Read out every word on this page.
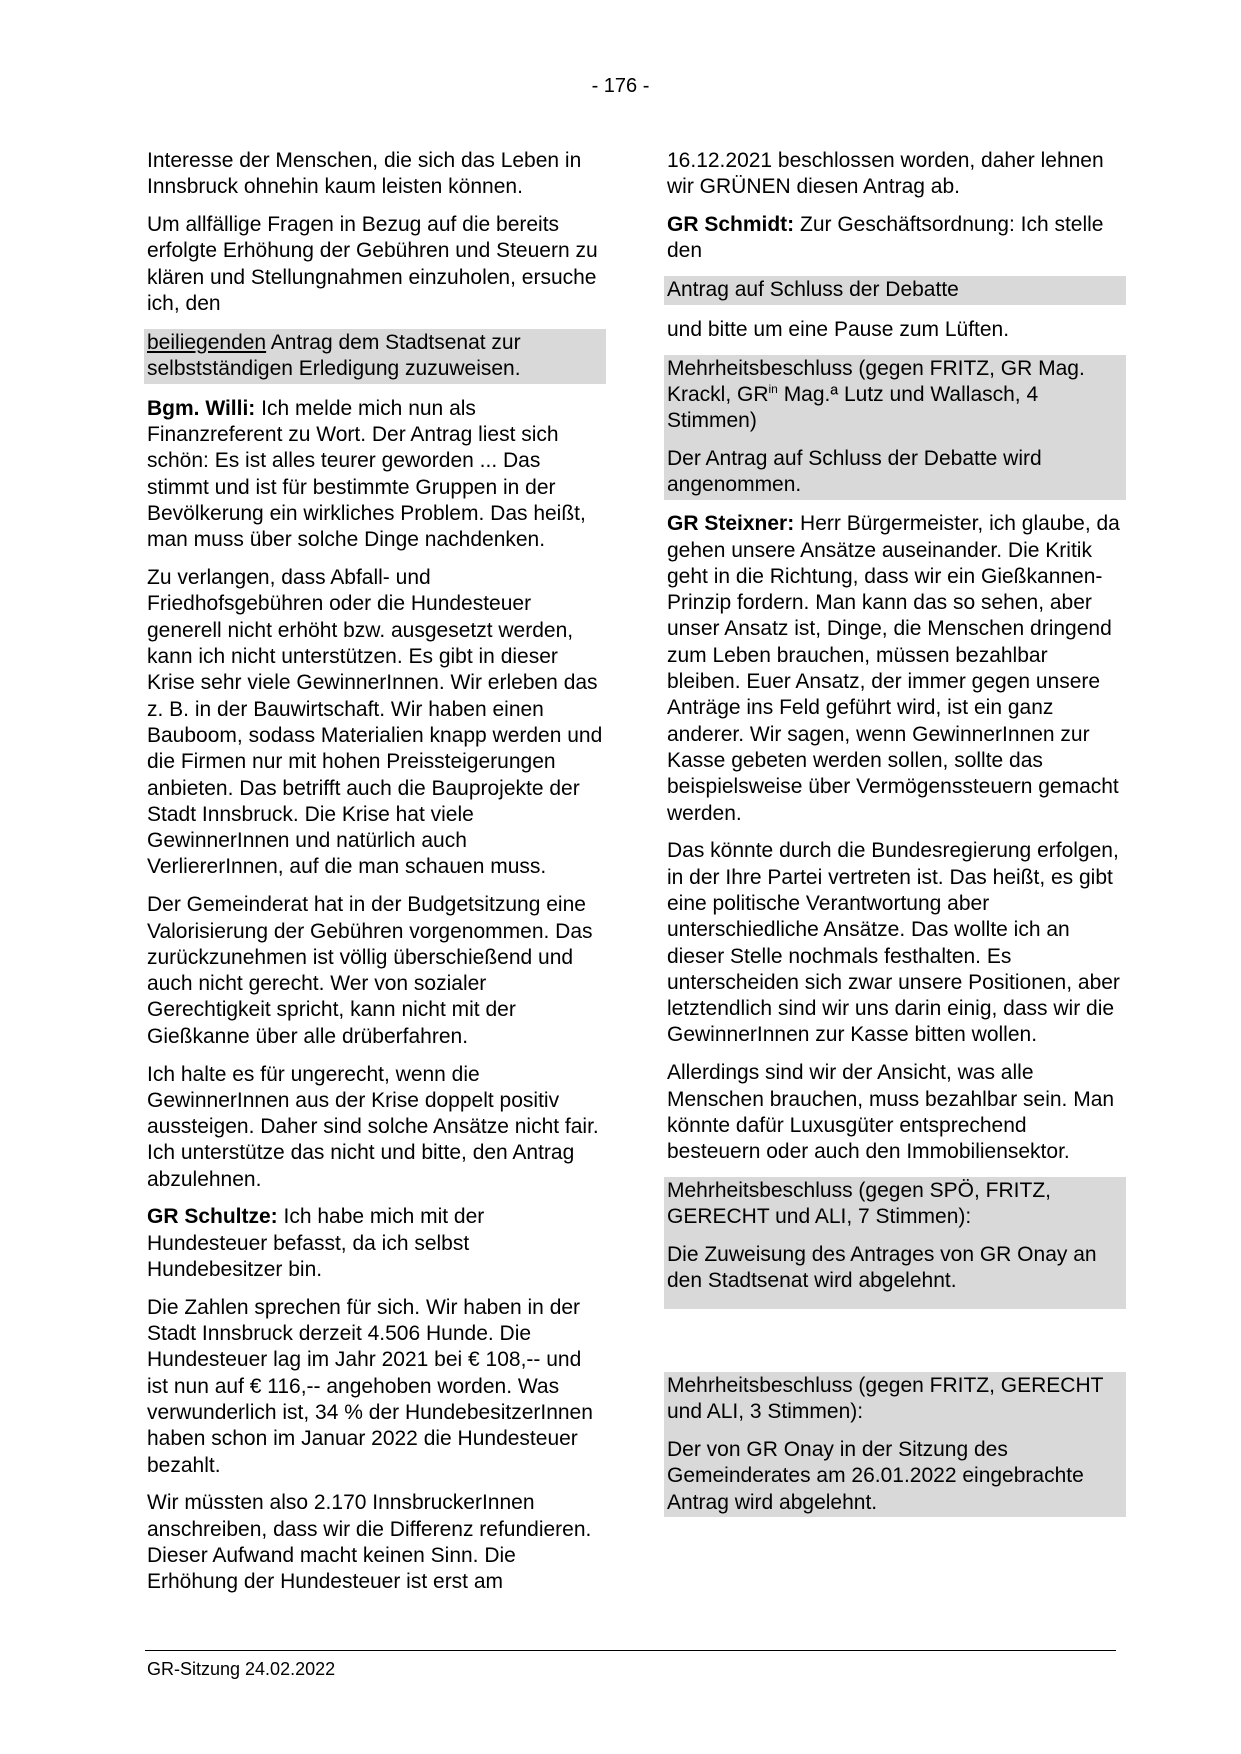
- 176 -

Interesse der Menschen, die sich das Leben in Innsbruck ohnehin kaum leisten können.

Um allfällige Fragen in Bezug auf die bereits erfolgte Erhöhung der Gebühren und Steuern zu klären und Stellungnahmen einzuholen, ersuche ich, den

beiliegenden Antrag dem Stadtsenat zur selbstständigen Erledigung zuzuweisen.

Bgm. Willi: Ich melde mich nun als Finanzreferent zu Wort. Der Antrag liest sich schön: Es ist alles teurer geworden ... Das stimmt und ist für bestimmte Gruppen in der Bevölkerung ein wirkliches Problem. Das heißt, man muss über solche Dinge nachdenken.

Zu verlangen, dass Abfall- und Friedhofsgebühren oder die Hundesteuer generell nicht erhöht bzw. ausgesetzt werden, kann ich nicht unterstützen. Es gibt in dieser Krise sehr viele GewinnerInnen. Wir erleben das z. B. in der Bauwirtschaft. Wir haben einen Bauboom, sodass Materialien knapp werden und die Firmen nur mit hohen Preissteigerungen anbieten. Das betrifft auch die Bauprojekte der Stadt Innsbruck. Die Krise hat viele GewinnerInnen und natürlich auch VerliererInnen, auf die man schauen muss.

Der Gemeinderat hat in der Budgetsitzung eine Valorisierung der Gebühren vorgenommen. Das zurückzunehmen ist völlig überschießend und auch nicht gerecht. Wer von sozialer Gerechtigkeit spricht, kann nicht mit der Gießkanne über alle drüberfahren.

Ich halte es für ungerecht, wenn die GewinnerInnen aus der Krise doppelt positiv aussteigen. Daher sind solche Ansätze nicht fair. Ich unterstütze das nicht und bitte, den Antrag abzulehnen.

GR Schultze: Ich habe mich mit der Hundesteuer befasst, da ich selbst Hundebesitzer bin.

Die Zahlen sprechen für sich. Wir haben in der Stadt Innsbruck derzeit 4.506 Hunde. Die Hundesteuer lag im Jahr 2021 bei € 108,-- und ist nun auf € 116,-- angehoben worden. Was verwunderlich ist, 34 % der HundebesitzerInnen haben schon im Januar 2022 die Hundesteuer bezahlt.

Wir müssten also 2.170 InnsbruckerInnen anschreiben, dass wir die Differenz refundieren. Dieser Aufwand macht keinen Sinn. Die Erhöhung der Hundesteuer ist erst am

16.12.2021 beschlossen worden, daher lehnen wir GRÜNEN diesen Antrag ab.

GR Schmidt: Zur Geschäftsordnung: Ich stelle den

Antrag auf Schluss der Debatte

und bitte um eine Pause zum Lüften.

Mehrheitsbeschluss (gegen FRITZ, GR Mag. Krackl, $GR^{in}$ Mag.ª Lutz und Wallasch, 4 Stimmen)

Der Antrag auf Schluss der Debatte wird angenommen.

GR Steixner: Herr Bürgermeister, ich glaube, da gehen unsere Ansätze auseinander. Die Kritik geht in die Richtung, dass wir ein Gießkannen-Prinzip fordern. Man kann das so sehen, aber unser Ansatz ist, Dinge, die Menschen dringend zum Leben brauchen, müssen bezahlbar bleiben. Euer Ansatz, der immer gegen unsere Anträge ins Feld geführt wird, ist ein ganz anderer. Wir sagen, wenn GewinnerInnen zur Kasse gebeten werden sollen, sollte das beispielsweise über Vermögenssteuern gemacht werden.

Das könnte durch die Bundesregierung erfolgen, in der Ihre Partei vertreten ist. Das heißt, es gibt eine politische Verantwortung aber unterschiedliche Ansätze. Das wollte ich an dieser Stelle nochmals festhalten. Es unterscheiden sich zwar unsere Positionen, aber letztendlich sind wir uns darin einig, dass wir die GewinnerInnen zur Kasse bitten wollen.

Allerdings sind wir der Ansicht, was alle Menschen brauchen, muss bezahlbar sein. Man könnte dafür Luxusgüter entsprechend besteuern oder auch den Immobiliensektor.

Mehrheitsbeschluss (gegen SPÖ, FRITZ, GERECHT und ALI, 7 Stimmen):

Die Zuweisung des Antrages von GR Onay an den Stadtsenat wird abgelehnt.

Mehrheitsbeschluss (gegen FRITZ, GERECHT und ALI, 3 Stimmen):

Der von GR Onay in der Sitzung des Gemeinderates am 26.01.2022 eingebrachte Antrag wird abgelehnt.

GR-Sitzung 24.02.2022
